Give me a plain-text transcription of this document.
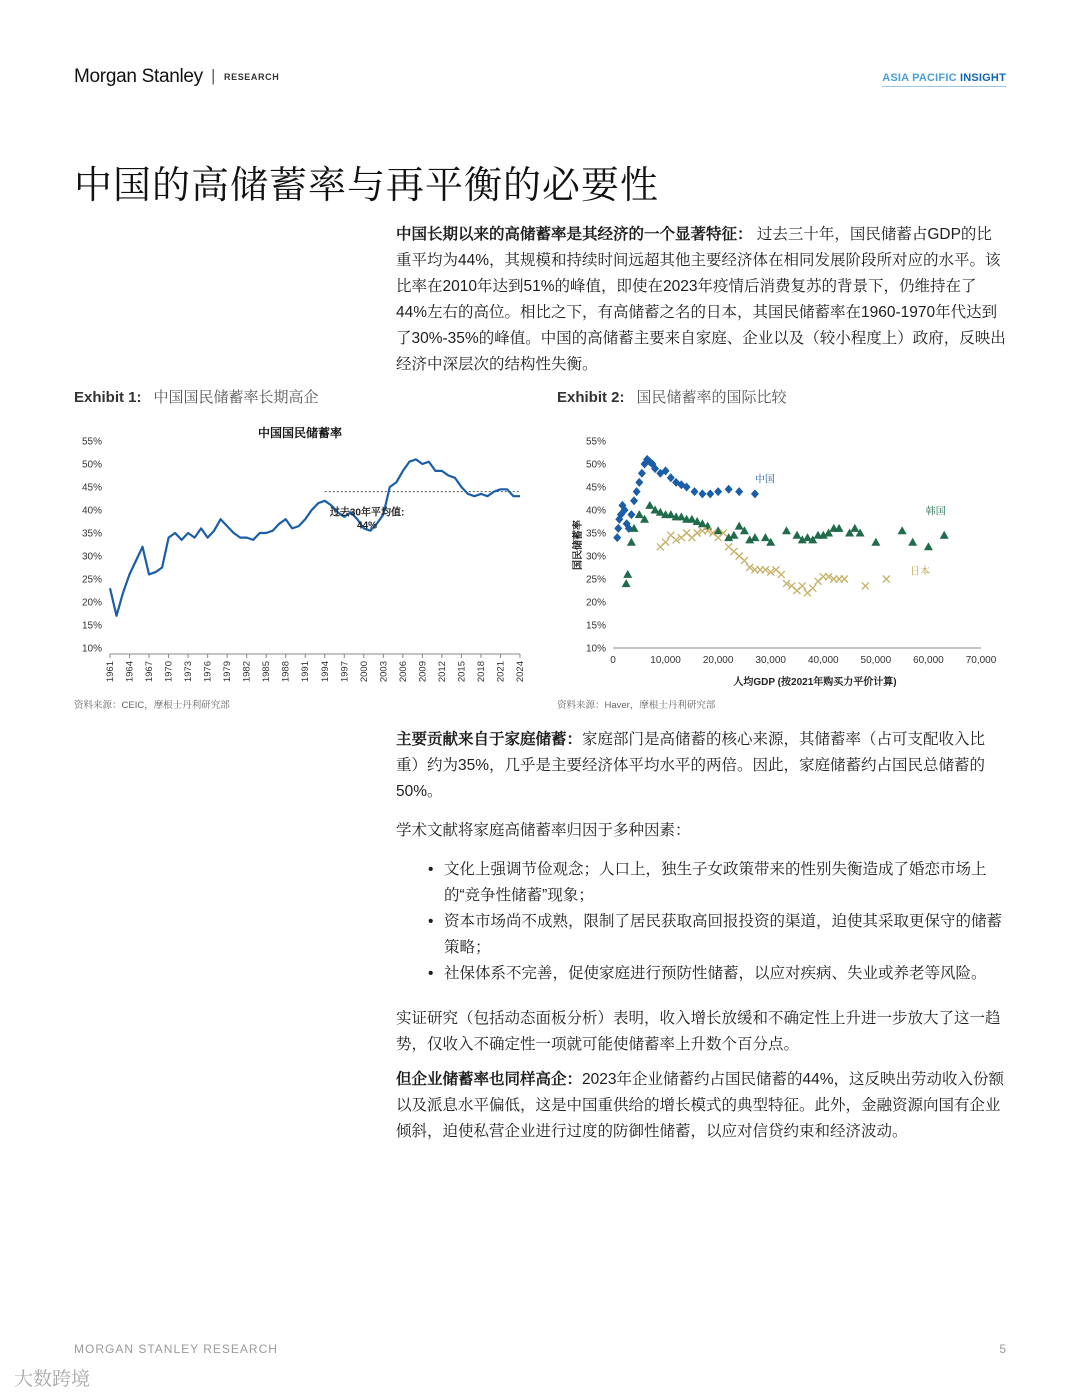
Morgan Stanley | RESEARCH	ASIA PACIFIC INSIGHT
中国的高储蓄率与再平衡的必要性
中国长期以来的高储蓄率是其经济的一个显著特征： 过去三十年，国民储蓄占GDP的比重平均为44%，其规模和持续时间远超其他主要经济体在相同发展阶段所对应的水平。该比率在2010年达到51%的峰值，即使在2023年疫情后消费复苏的背景下，仍维持在了44%左右的高位。相比之下，有高储蓄之名的日本，其国民储蓄率在1960-1970年代达到了30%-35%的峰值。中国的高储蓄主要来自家庭、企业以及（较小程度上）政府，反映出经济中深层次的结构性失衡。
Exhibit 1: 中国国民储蓄率长期高企	Exhibit 2: 国民储蓄率的国际比较
中国国民储蓄率
55%
50%
45%
40%
35%
30%
25%
20%
15%
10%
1961 1964 1967 1970 1973 1976 1979 1982 1985 1988 1991 1994 1997 2000 2003 2006 2009 2012 2015 2018 2021 2024
过去30年平均值:
44%
55%
50%
45%
40%
35%
30%
25%
20%
15%
10%
0	10,000 20,000 30,000 40,000 50,000 60,000 70,000
国民储蓄率
人均GDP (按2021年购买力平价计算)
中国
韩国
日本
资料来源：CEIC，摩根士丹利研究部	资料来源：Haver，摩根士丹利研究部
主要贡献来自于家庭储蓄：家庭部门是高储蓄的核心来源，其储蓄率（占可支配收入比重）约为35%，几乎是主要经济体平均水平的两倍。因此，家庭储蓄约占国民总储蓄的50%。
学术文献将家庭高储蓄率归因于多种因素：
• 文化上强调节俭观念；人口上，独生子女政策带来的性别失衡造成了婚恋市场上的“竞争性储蓄”现象；
• 资本市场尚不成熟，限制了居民获取高回报投资的渠道，迫使其采取更保守的储蓄策略；
• 社保体系不完善，促使家庭进行预防性储蓄，以应对疾病、失业或养老等风险。
实证研究（包括动态面板分析）表明，收入增长放缓和不确定性上升进一步放大了这一趋势，仅收入不确定性一项就可能使储蓄率上升数个百分点。
但企业储蓄率也同样高企：2023年企业储蓄约占国民储蓄的44%，这反映出劳动收入份额以及派息水平偏低，这是中国重供给的增长模式的典型特征。此外，金融资源向国有企业倾斜，迫使私营企业进行过度的防御性储蓄，以应对信贷约束和经济波动。
MORGAN STANLEY RESEARCH	5
大数跨境
